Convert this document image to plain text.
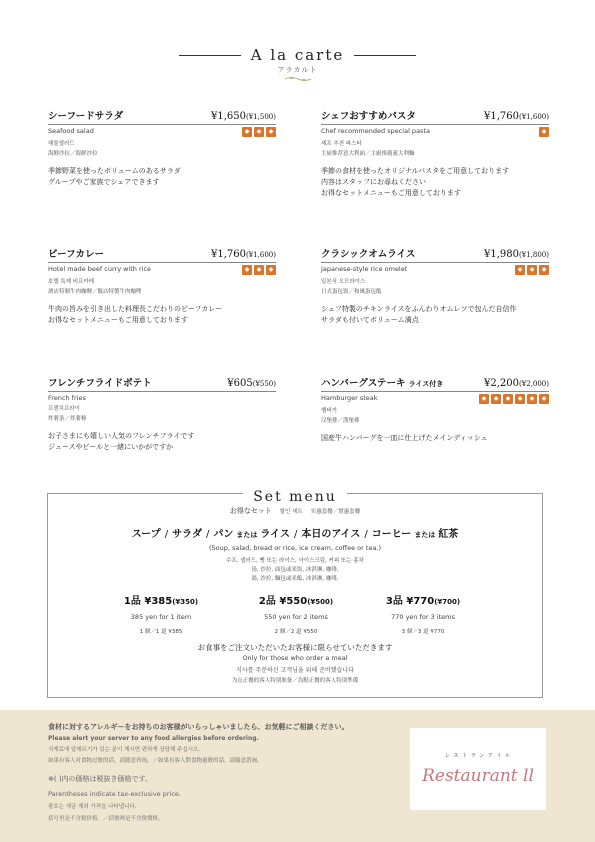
A la carte
アラカルト
シーフードサラダ	¥1,650(¥1,500)
Seafood salad	◆ ◆ ◆
해물샐러드
海鮮沙拉／海鮮沙拉
季節野菜を使ったボリュームのあるサラダ
グループやご家族でシェアできます
シェフおすすめパスタ	¥1,760(¥1,600)
Chef recommended special pasta	◆
셰프 추천 파스타
主厨推荐意大利面／主廚推薦義大利麵
季節の食材を使ったオリジナルパスタをご用意しております
内容はスタッフにお尋ねください
お得なセットメニューもご用意しております
ビーフカレー	¥1,760(¥1,600)
Hotel made beef curry with rice	◆ ◆ ◆
호텔 특제 비프카레
酒店特制牛肉咖喱／飯店特製牛肉咖哩
牛肉の旨みを引き出した料理長こだわりのビーフカレー
お得なセットメニューもご用意しております
クラシックオムライス	¥1,980(¥1,800)
Japanese-style rice omelet	◆ ◆ ◆
일본식 오므라이스
日式蛋包饭／和風蛋包飯
シェフ特製のチキンライスをふんわりオムレツで包んだ自信作
サラダも付いてボリューム満点
フレンチフライドポテト	¥605(¥550)
French fries
프렌치프라이
炸薯条／炸薯條
お子さまにも嬉しい人気のフレンチフライです
ジュースやビールと一緒にいかがですか
ハンバーグステーキ ライス付き	¥2,200(¥2,000)
Hamburger steak	◆ ◆ ◆ ◆ ◆ ◆
햄버거
汉堡排／漢堡排
国産牛ハンバーグを一皿に仕上げたメインディッシュ
Set menu
お得なセット 할인 세트 实惠套餐／實惠套餐
スープ / サラダ / パン または ライス / 本日のアイス / コーヒー または 紅茶
(Soup, salad, bread or rice, ice cream, coffee or tea.)
수프, 샐러드, 빵 또는 라이스, 아이스크림, 커피 또는 홍차
汤, 沙拉, 面包或米饭, 冰淇淋, 咖啡,
湯, 沙拉, 麵包或米飯, 冰淇淋, 咖啡,
1品 ¥385(¥350)
385 yen for 1 item
1 個／1 道 ¥385
2品 ¥550(¥500)
550 yen for 2 items
2 個／2 道 ¥550
3品 ¥770(¥700)
770 yen for 3 items
3 個／3 道 ¥770
お食事をご注文いただいたお客様に限らせていただきます
Only for those who order a meal
식사를 주문하신 고객님을 위해 준비했습니다
为点正餐的客人特别准备／為點正餐的客人特別準備
食材に対するアレルギーをお持ちのお客様がいらっしゃいましたら、お気軽にご相談ください。
Please alert your server to any food allergies before ordering.
식재료에 알레르기가 있는 분이 계시면 편하게 상담해 주십시오.
如果有客人对食物过敏的话，请随意咨询。／如果有客人對食物過敏的話，請隨意諮詢。
※( )内の価格は税抜き価格です。
Parentheses indicate tax-exclusive price.
괄호는 세금 제외 가격을 나타냅니다.
括号里是不含税价格。／括號裡是不含稅價格。
レ ス ト ラ ン ア イ ル
Restaurant ll
